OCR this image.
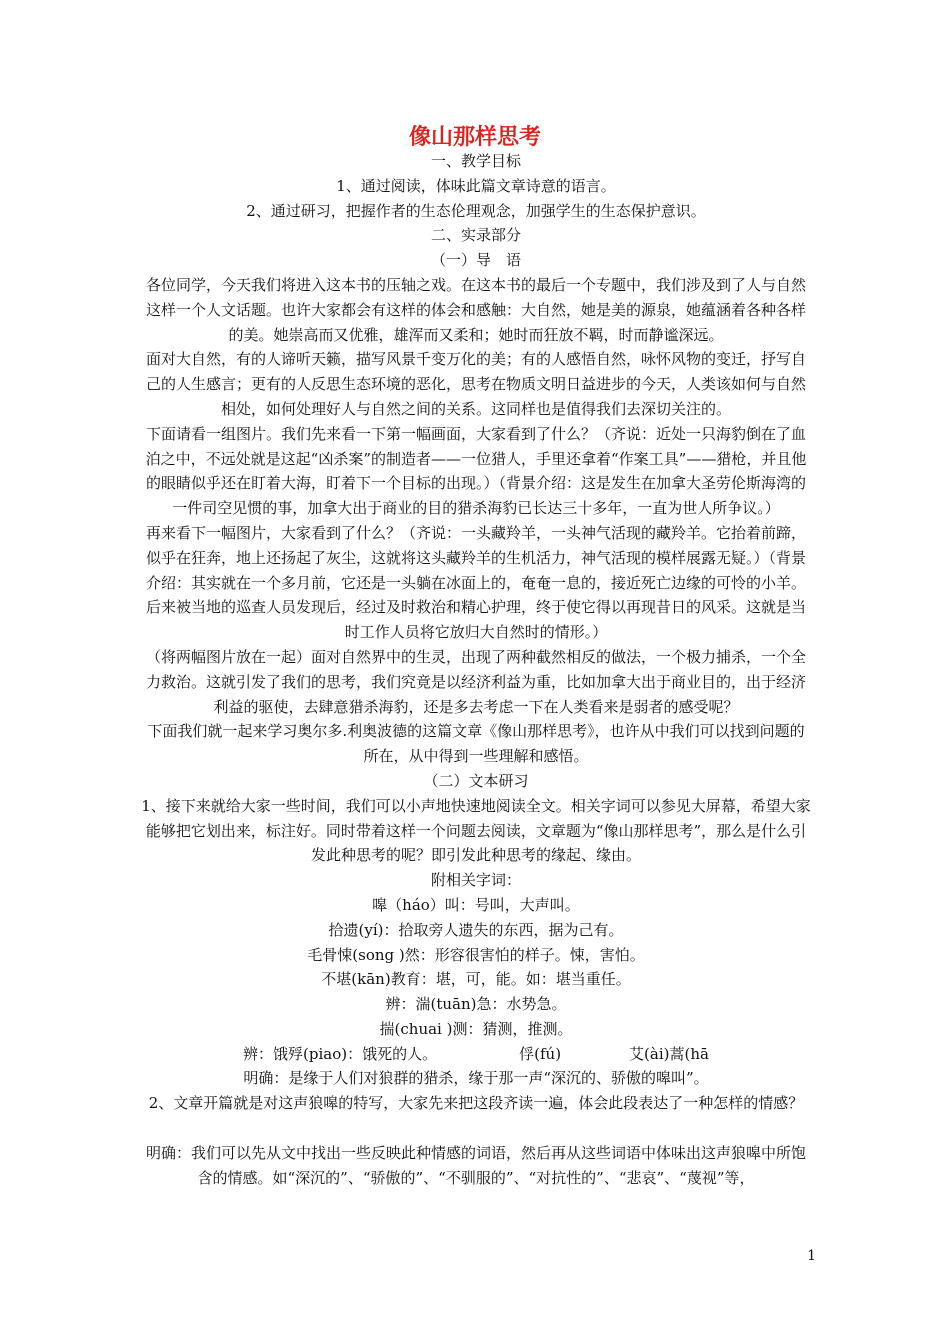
像山那样思考

一、教学目标

1、通过阅读，体味此篇文章诗意的语言。

2、通过研习，把握作者的生态伦理观念，加强学生的生态保护意识。

二、实录部分

（一）导　语

各位同学，今天我们将进入这本书的压轴之戏。在这本书的最后一个专题中，我们涉及到了人与自然这样一个人文话题。也许大家都会有这样的体会和感触：大自然，她是美的源泉，她蕴涵着各种各样的美。她崇高而又优雅，雄浑而又柔和；她时而狂放不羁，时而静谧深远。

面对大自然，有的人谛听天籁，描写风景千变万化的美；有的人感悟自然，咏怀风物的变迁，抒写自己的人生感言；更有的人反思生态环境的恶化，思考在物质文明日益进步的今天，人类该如何与自然相处，如何处理好人与自然之间的关系。这同样也是值得我们去深切关注的。

下面请看一组图片。我们先来看一下第一幅画面，大家看到了什么？（齐说：近处一只海豹倒在了血泊之中，不远处就是这起“凶杀案”的制造者——一位猎人，手里还拿着“作案工具”——猎枪，并且他的眼睛似乎还在盯着大海，盯着下一个目标的出现。）（背景介绍：这是发生在加拿大圣劳伦斯海湾的一件司空见惯的事，加拿大出于商业的目的猎杀海豹已长达三十多年，一直为世人所争议。）

再来看下一幅图片，大家看到了什么？（齐说：一头藏羚羊，一头神气活现的藏羚羊。它抬着前蹄，似乎在狂奔，地上还扬起了灰尘，这就将这头藏羚羊的生机活力，神气活现的模样展露无疑。）（背景介绍：其实就在一个多月前，它还是一头躺在冰面上的，奄奄一息的，接近死亡边缘的可怜的小羊。后来被当地的巡查人员发现后，经过及时救治和精心护理，终于使它得以再现昔日的风采。这就是当时工作人员将它放归大自然时的情形。）

（将两幅图片放在一起）面对自然界中的生灵，出现了两种截然相反的做法，一个极力捕杀，一个全力救治。这就引发了我们的思考，我们究竟是以经济利益为重，比如加拿大出于商业目的，出于经济利益的驱使，去肆意猎杀海豹，还是多去考虑一下在人类看来是弱者的感受呢？

下面我们就一起来学习奥尔多.利奥波德的这篇文章《像山那样思考》，也许从中我们可以找到问题的所在，从中得到一些理解和感悟。

（二）文本研习

1、接下来就给大家一些时间，我们可以小声地快速地阅读全文。相关字词可以参见大屏幕，希望大家能够把它划出来，标注好。同时带着这样一个问题去阅读，文章题为“像山那样思考”，那么是什么引发此种思考的呢？即引发此种思考的缘起、缘由。

附相关字词：

嗥（háo）叫：号叫，大声叫。

拾遗(yí)：拾取旁人遗失的东西，据为己有。

毛骨悚(song )然：形容很害怕的样子。悚，害怕。

不堪(kān)教育：堪，可，能。如：堪当重任。

辨：湍(tuān)急：水势急。

揣(chuai )测：猜测，推测。

辨：饿殍(piao)：饿死的人。	俘(fú)	艾(ài)蒿(hā

明确：是缘于人们对狼群的猎杀，缘于那一声“深沉的、骄傲的嗥叫”。

2、文章开篇就是对这声狼嗥的特写，大家先来把这段齐读一遍，体会此段表达了一种怎样的情感？

明确：我们可以先从文中找出一些反映此种情感的词语，然后再从这些词语中体味出这声狼嗥中所饱含的情感。如“深沉的”、“骄傲的”、“不驯服的”、“对抗性的”、“悲哀”、“蔑视”等，

1
